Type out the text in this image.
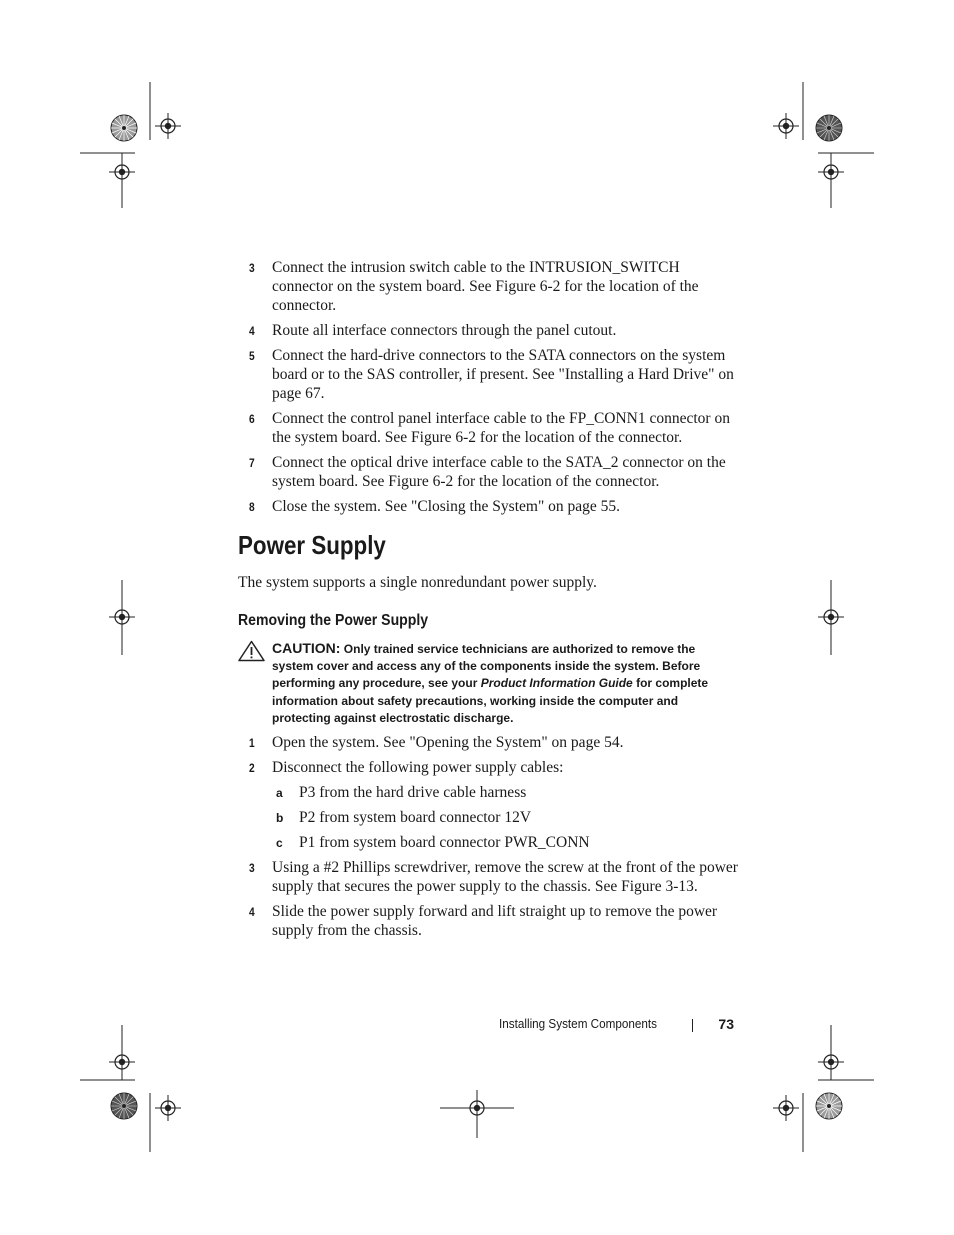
3 Connect the intrusion switch cable to the INTRUSION_SWITCH connector on the system board. See Figure 6-2 for the location of the connector.

4 Route all interface connectors through the panel cutout.

5 Connect the hard-drive connectors to the SATA connectors on the system board or to the SAS controller, if present. See "Installing a Hard Drive" on page 67.

6 Connect the control panel interface cable to the FP_CONN1 connector on the system board. See Figure 6-2 for the location of the connector.

7 Connect the optical drive interface cable to the SATA_2 connector on the system board. See Figure 6-2 for the location of the connector.

8 Close the system. See "Closing the System" on page 55.

Power Supply
The system supports a single nonredundant power supply.
Removing the Power Supply
CAUTION: Only trained service technicians are authorized to remove the system cover and access any of the components inside the system. Before performing any procedure, see your Product Information Guide for complete information about safety precautions, working inside the computer and protecting against electrostatic discharge.

1 Open the system. See "Opening the System" on page 54.

2 Disconnect the following power supply cables:

a P3 from the hard drive cable harness

b P2 from system board connector 12V

c P1 from system board connector PWR_CONN

3 Using a #2 Phillips screwdriver, remove the screw at the front of the power supply that secures the power supply to the chassis. See Figure 3-13.

4 Slide the power supply forward and lift straight up to remove the power supply from the chassis.

Installing System Components	73
